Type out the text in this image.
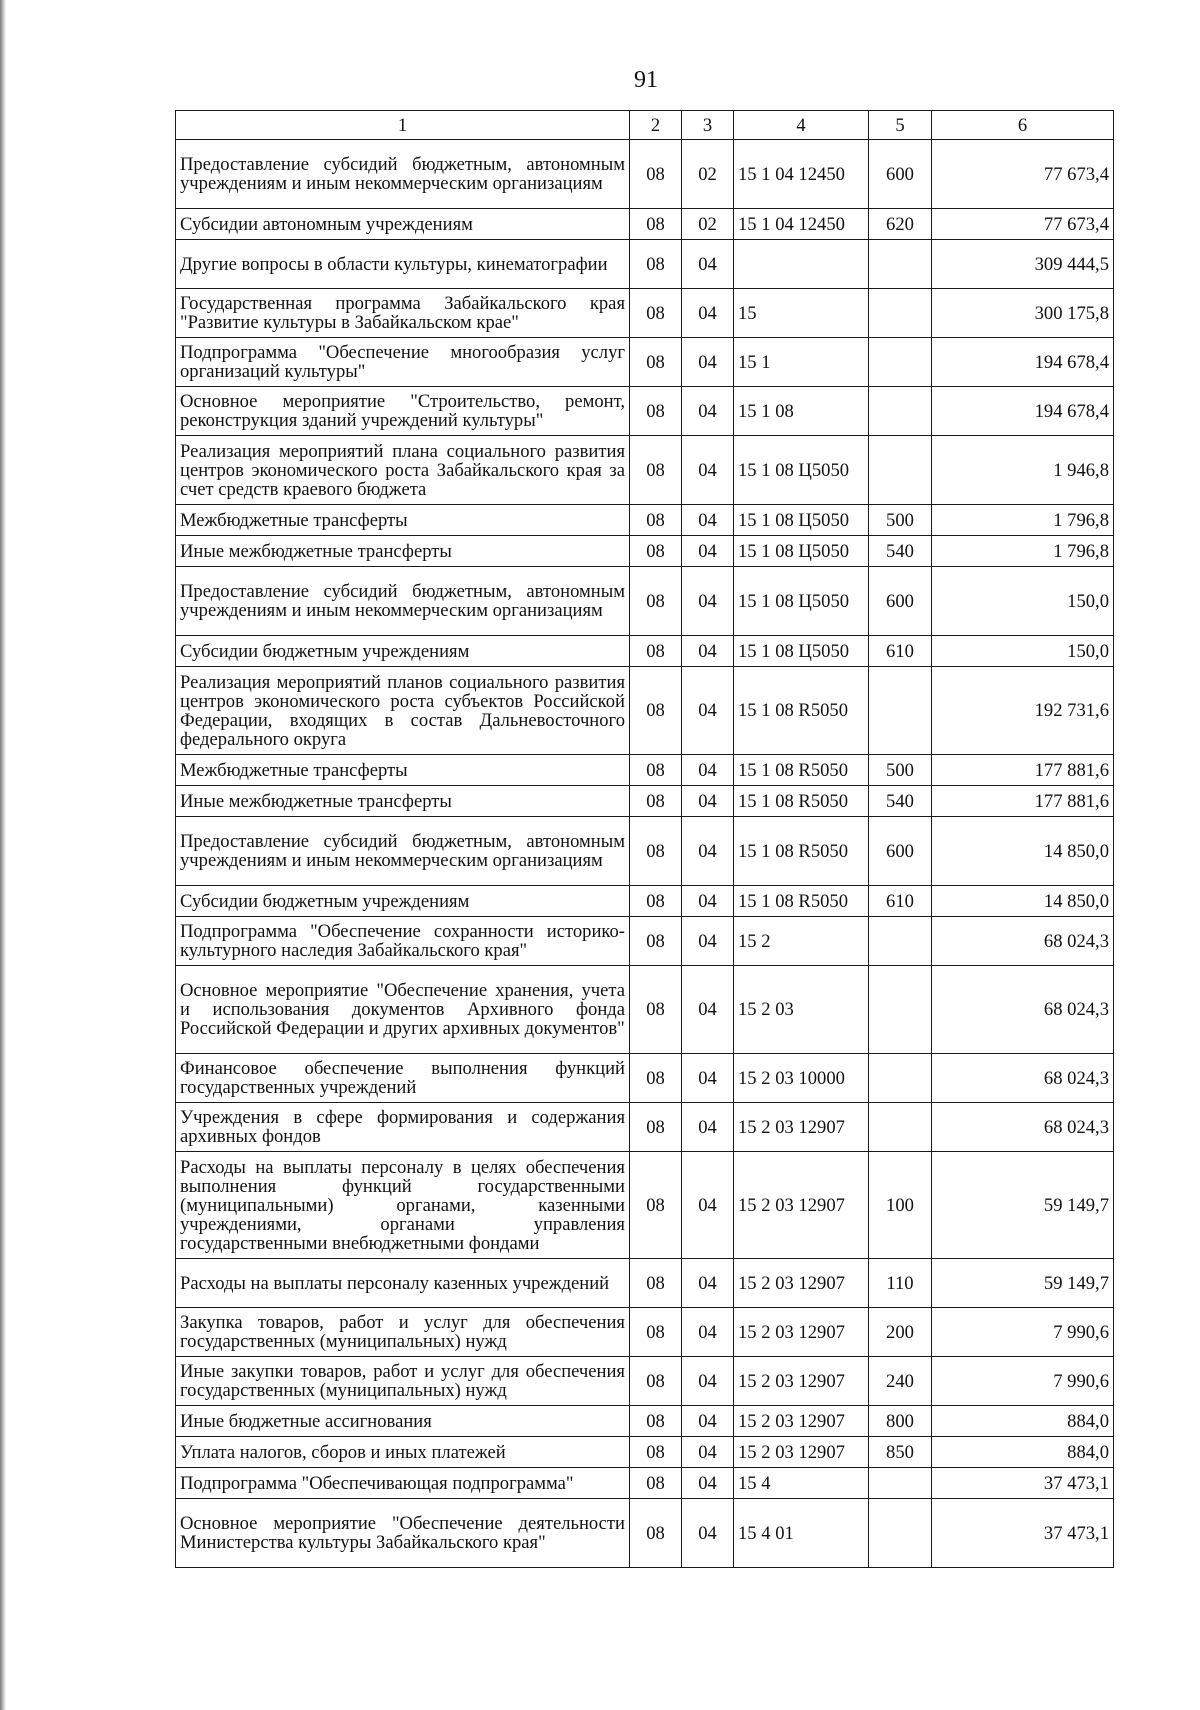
91
1	2	3	4	5	6
Предоставление субсидий бюджетным, автономным учреждениям и иным некоммерческим организациям	08	02	15 1 04 12450	600	77 673,4
Субсидии автономным учреждениям	08	02	15 1 04 12450	620	77 673,4
Другие вопросы в области культуры, кинематографии	08	04			309 444,5
Государственная программа Забайкальского края "Развитие культуры в Забайкальском крае"	08	04	15		300 175,8
Подпрограмма "Обеспечение многообразия услуг организаций культуры"	08	04	15 1		194 678,4
Основное мероприятие "Строительство, ремонт, реконструкция зданий учреждений культуры"	08	04	15 1 08		194 678,4
Реализация мероприятий плана социального развития центров экономического роста Забайкальского края за счет средств краевого бюджета	08	04	15 1 08 Ц5050		1 946,8
Межбюджетные трансферты	08	04	15 1 08 Ц5050	500	1 796,8
Иные межбюджетные трансферты	08	04	15 1 08 Ц5050	540	1 796,8
Предоставление субсидий бюджетным, автономным учреждениям и иным некоммерческим организациям	08	04	15 1 08 Ц5050	600	150,0
Субсидии бюджетным учреждениям	08	04	15 1 08 Ц5050	610	150,0
Реализация мероприятий планов социального развития центров экономического роста субъектов Российской Федерации, входящих в состав Дальневосточного федерального округа	08	04	15 1 08 R5050		192 731,6
Межбюджетные трансферты	08	04	15 1 08 R5050	500	177 881,6
Иные межбюджетные трансферты	08	04	15 1 08 R5050	540	177 881,6
Предоставление субсидий бюджетным, автономным учреждениям и иным некоммерческим организациям	08	04	15 1 08 R5050	600	14 850,0
Субсидии бюджетным учреждениям	08	04	15 1 08 R5050	610	14 850,0
Подпрограмма "Обеспечение сохранности историко-культурного наследия Забайкальского края"	08	04	15 2		68 024,3
Основное мероприятие "Обеспечение хранения, учета и использования документов Архивного фонда Российской Федерации и других архивных документов"	08	04	15 2 03		68 024,3
Финансовое обеспечение выполнения функций государственных учреждений	08	04	15 2 03 10000		68 024,3
Учреждения в сфере формирования и содержания архивных фондов	08	04	15 2 03 12907		68 024,3
Расходы на выплаты персоналу в целях обеспечения выполнения функций государственными (муниципальными) органами, казенными учреждениями, органами управления государственными внебюджетными фондами	08	04	15 2 03 12907	100	59 149,7
Расходы на выплаты персоналу казенных учреждений	08	04	15 2 03 12907	110	59 149,7
Закупка товаров, работ и услуг для обеспечения государственных (муниципальных) нужд	08	04	15 2 03 12907	200	7 990,6
Иные закупки товаров, работ и услуг для обеспечения государственных (муниципальных) нужд	08	04	15 2 03 12907	240	7 990,6
Иные бюджетные ассигнования	08	04	15 2 03 12907	800	884,0
Уплата налогов, сборов и иных платежей	08	04	15 2 03 12907	850	884,0
Подпрограмма "Обеспечивающая подпрограмма"	08	04	15 4		37 473,1
Основное мероприятие "Обеспечение деятельности Министерства культуры Забайкальского края"	08	04	15 4 01		37 473,1
